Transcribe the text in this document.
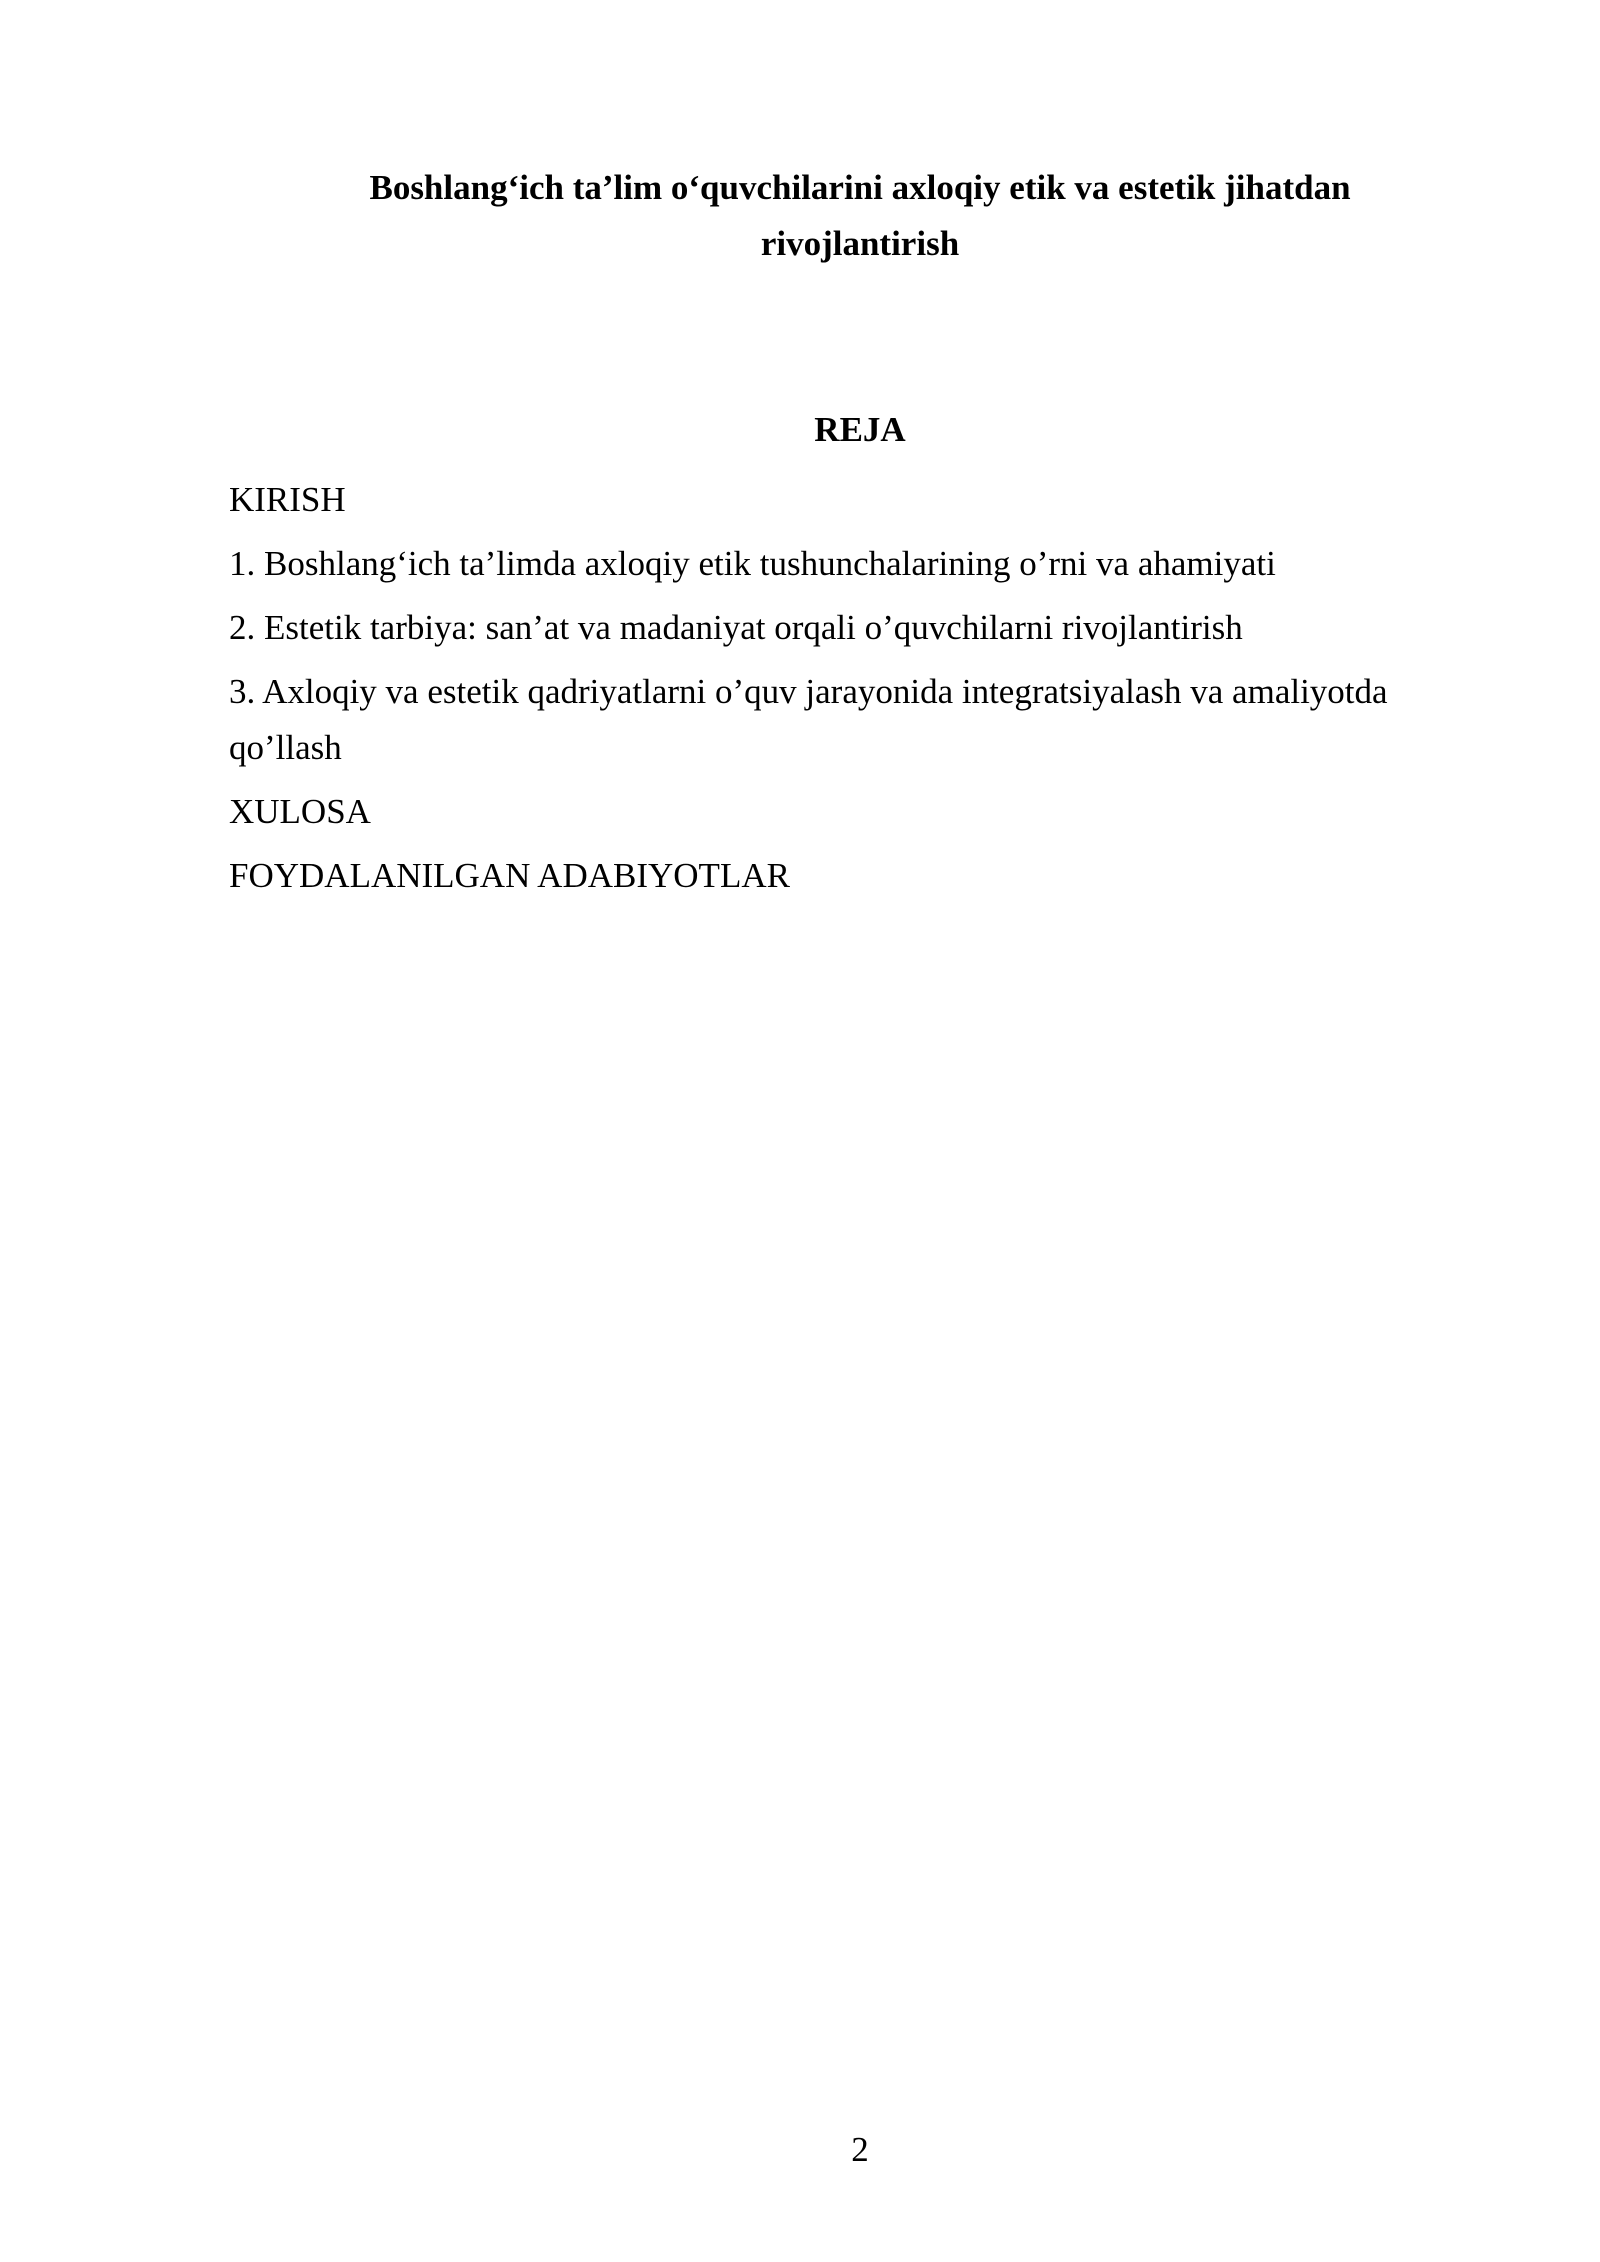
Boshlang‘ich ta’lim o‘quvchilarini axloqiy etik va estetik jihatdan
rivojlantirish
REJA
KIRISH
1. Boshlang‘ich ta’limda axloqiy etik tushunchalarining o’rni va ahamiyati
2. Estetik tarbiya: san’at va madaniyat orqali o’quvchilarni rivojlantirish
3. Axloqiy va estetik qadriyatlarni o’quv jarayonida integratsiyalash va amaliyotda qo’llash
XULOSA
FOYDALANILGAN ADABIYOTLAR
2
